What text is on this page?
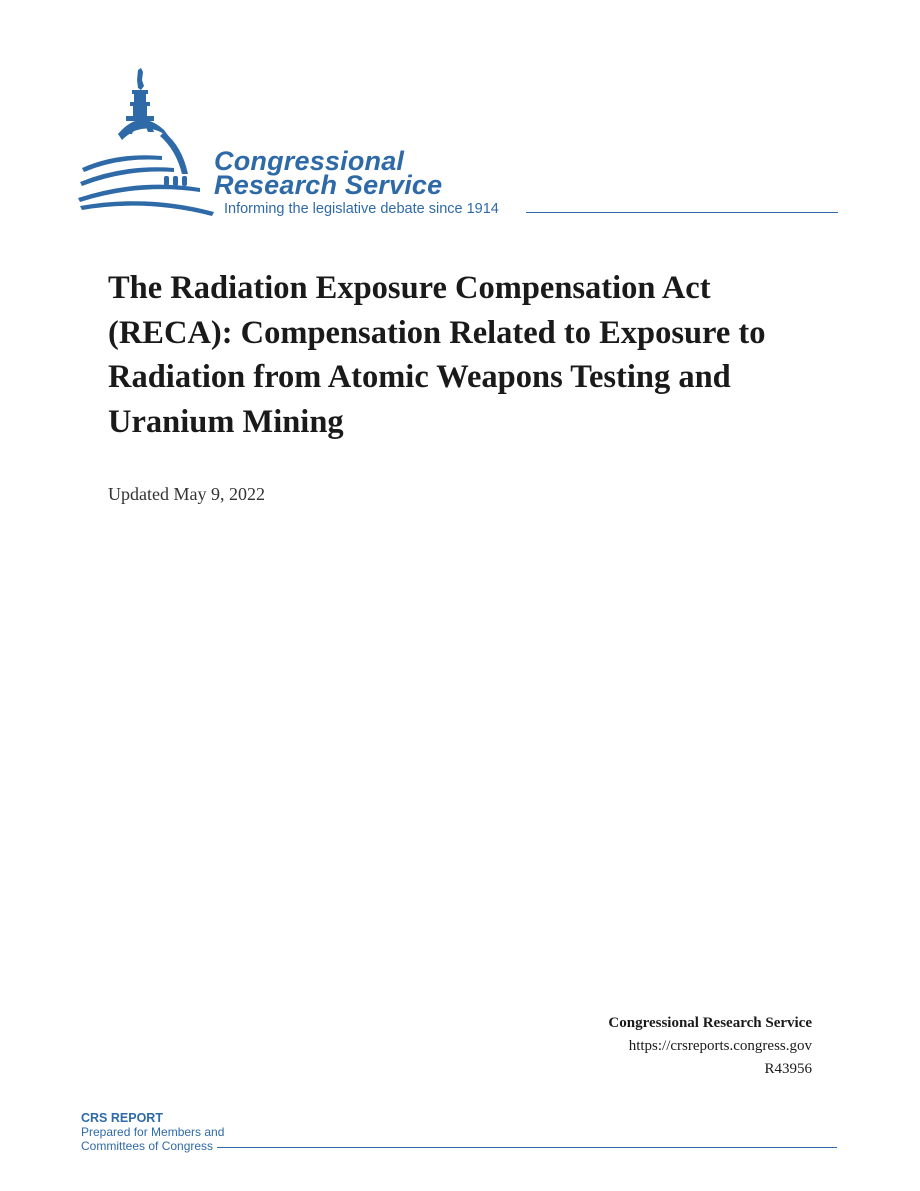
Congressional
Research Service
Informing the legislative debate since 1914
The Radiation Exposure Compensation Act (RECA): Compensation Related to Exposure to Radiation from Atomic Weapons Testing and Uranium Mining
Updated May 9, 2022
Congressional Research Service
https://crsreports.congress.gov
R43956
CRS REPORT
Prepared for Members and
Committees of Congress
